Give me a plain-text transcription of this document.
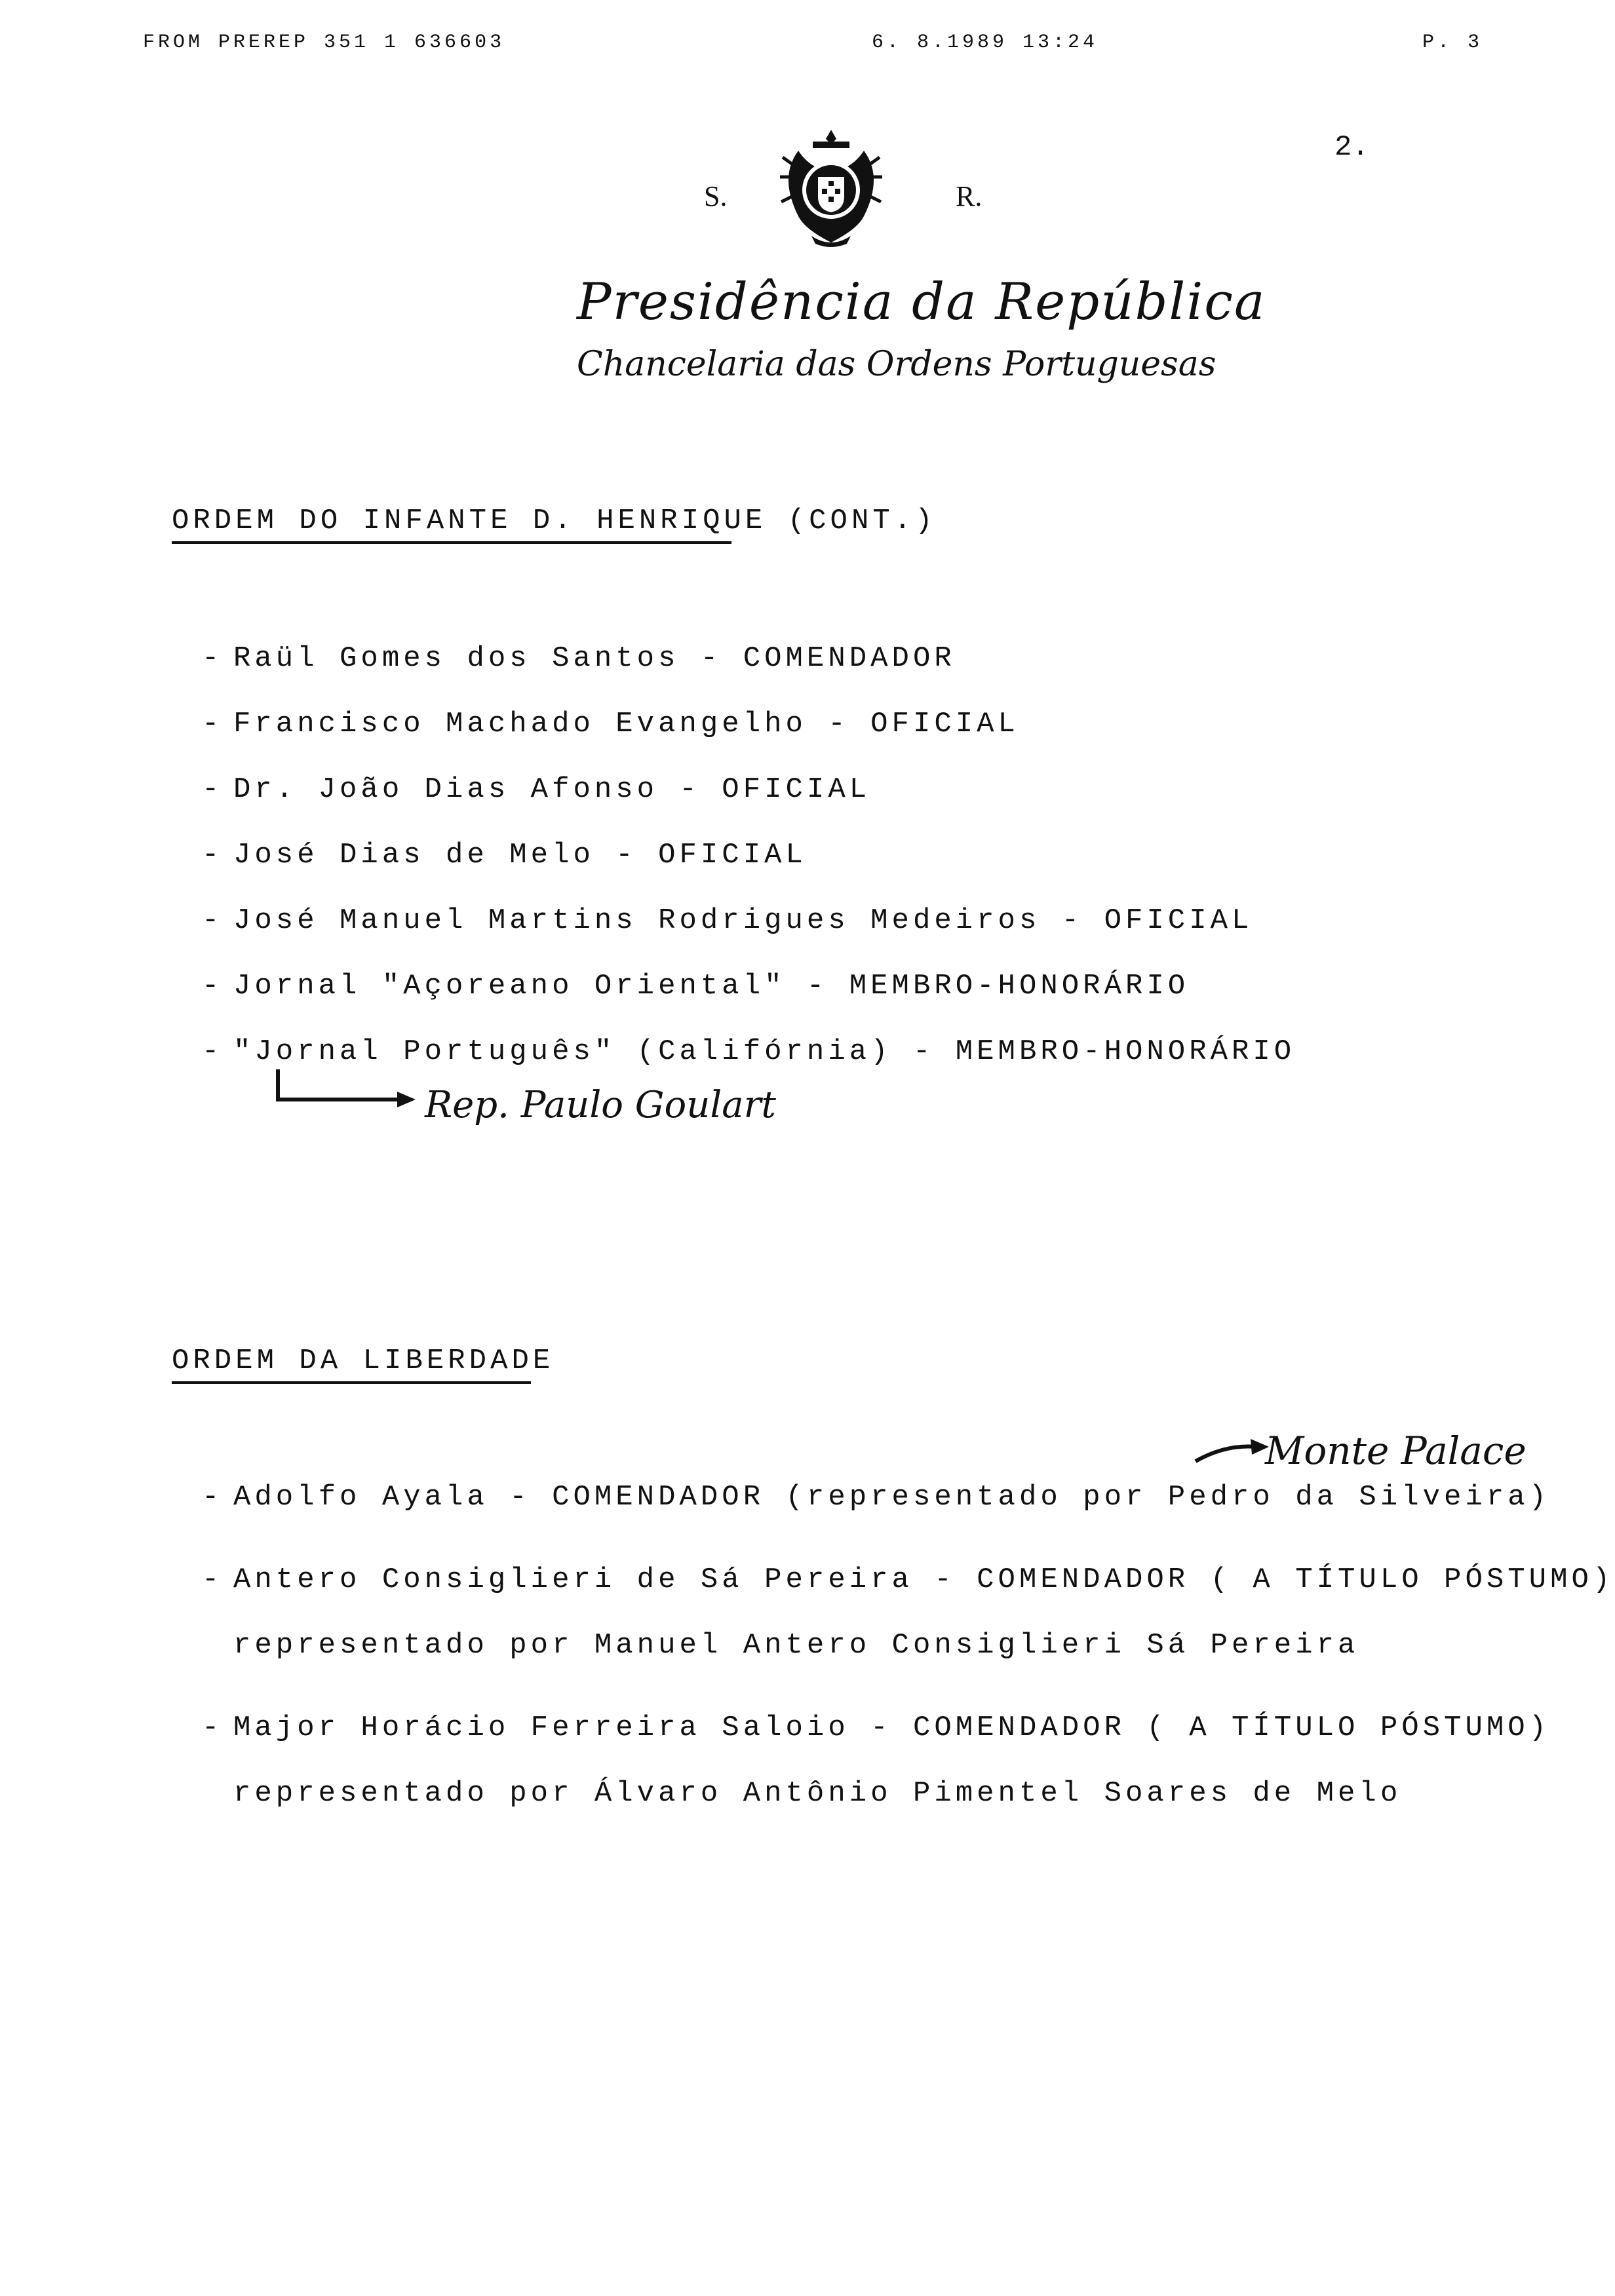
FROM PREREP 351 1 636603	6. 8.1989 13:24	P. 3
S.	R.
Presidência da República
Chancelaria das Ordens Portuguesas
2.
ORDEM DO INFANTE D. HENRIQUE (CONT.)
- Raül Gomes dos Santos - COMENDADOR
- Francisco Machado Evangelho - OFICIAL
- Dr. João Dias Afonso - OFICIAL
- José Dias de Melo - OFICIAL
- José Manuel Martins Rodrigues Medeiros - OFICIAL
- Jornal "Açoreano Oriental" - MEMBRO-HONORÁRIO
- "Jornal Português" (Califórnia) - MEMBRO-HONORÁRIO
Rep. Paulo Goulart
ORDEM DA LIBERDADE
Monte Palace
- Adolfo Ayala - COMENDADOR (representado por Pedro da Silveira)
- Antero Consiglieri de Sá Pereira - COMENDADOR ( A TÍTULO PÓSTUMO)
representado por Manuel Antero Consiglieri Sá Pereira
- Major Horácio Ferreira Saloio - COMENDADOR ( A TÍTULO PÓSTUMO)
representado por Álvaro Antônio Pimentel Soares de Melo
